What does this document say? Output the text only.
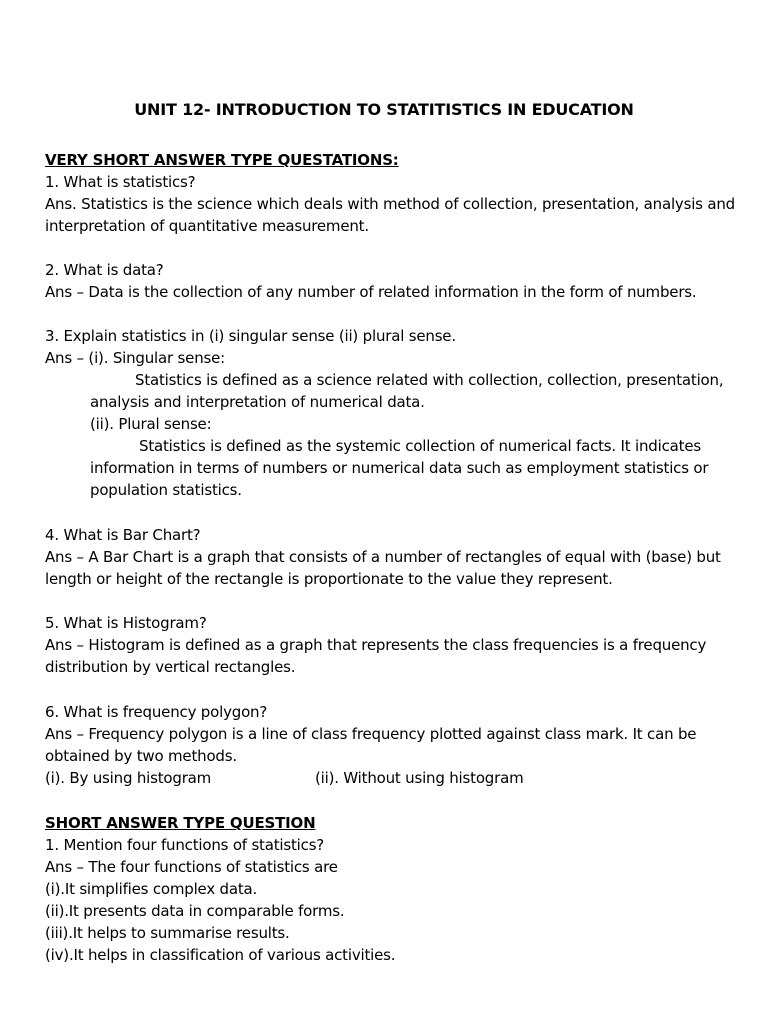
UNIT 12- INTRODUCTION TO STATITISTICS IN EDUCATION
VERY SHORT ANSWER TYPE QUESTATIONS:
1. What is statistics?
Ans. Statistics is the science which deals with method of collection, presentation, analysis and
interpretation of quantitative measurement.
2. What is data?
Ans – Data is the collection of any number of related information in the form of numbers.
3. Explain statistics in (i) singular sense (ii) plural sense.
Ans – (i). Singular sense:
Statistics is defined as a science related with collection, collection, presentation,
analysis and interpretation of numerical data.
(ii). Plural sense:
Statistics is defined as the systemic collection of numerical facts. It indicates
information in terms of numbers or numerical data such as employment statistics or
population statistics.
4. What is Bar Chart?
Ans – A Bar Chart is a graph that consists of a number of rectangles of equal with (base) but
length or height of the rectangle is proportionate to the value they represent.
5. What is Histogram?
Ans – Histogram is defined as a graph that represents the class frequencies is a frequency
distribution by vertical rectangles.
6. What is frequency polygon?
Ans – Frequency polygon is a line of class frequency plotted against class mark. It can be
obtained by two methods.
(i). By using histogram	(ii). Without using histogram
SHORT ANSWER TYPE QUESTION
1. Mention four functions of statistics?
Ans – The four functions of statistics are
(i).It simplifies complex data.
(ii).It presents data in comparable forms.
(iii).It helps to summarise results.
(iv).It helps in classification of various activities.
